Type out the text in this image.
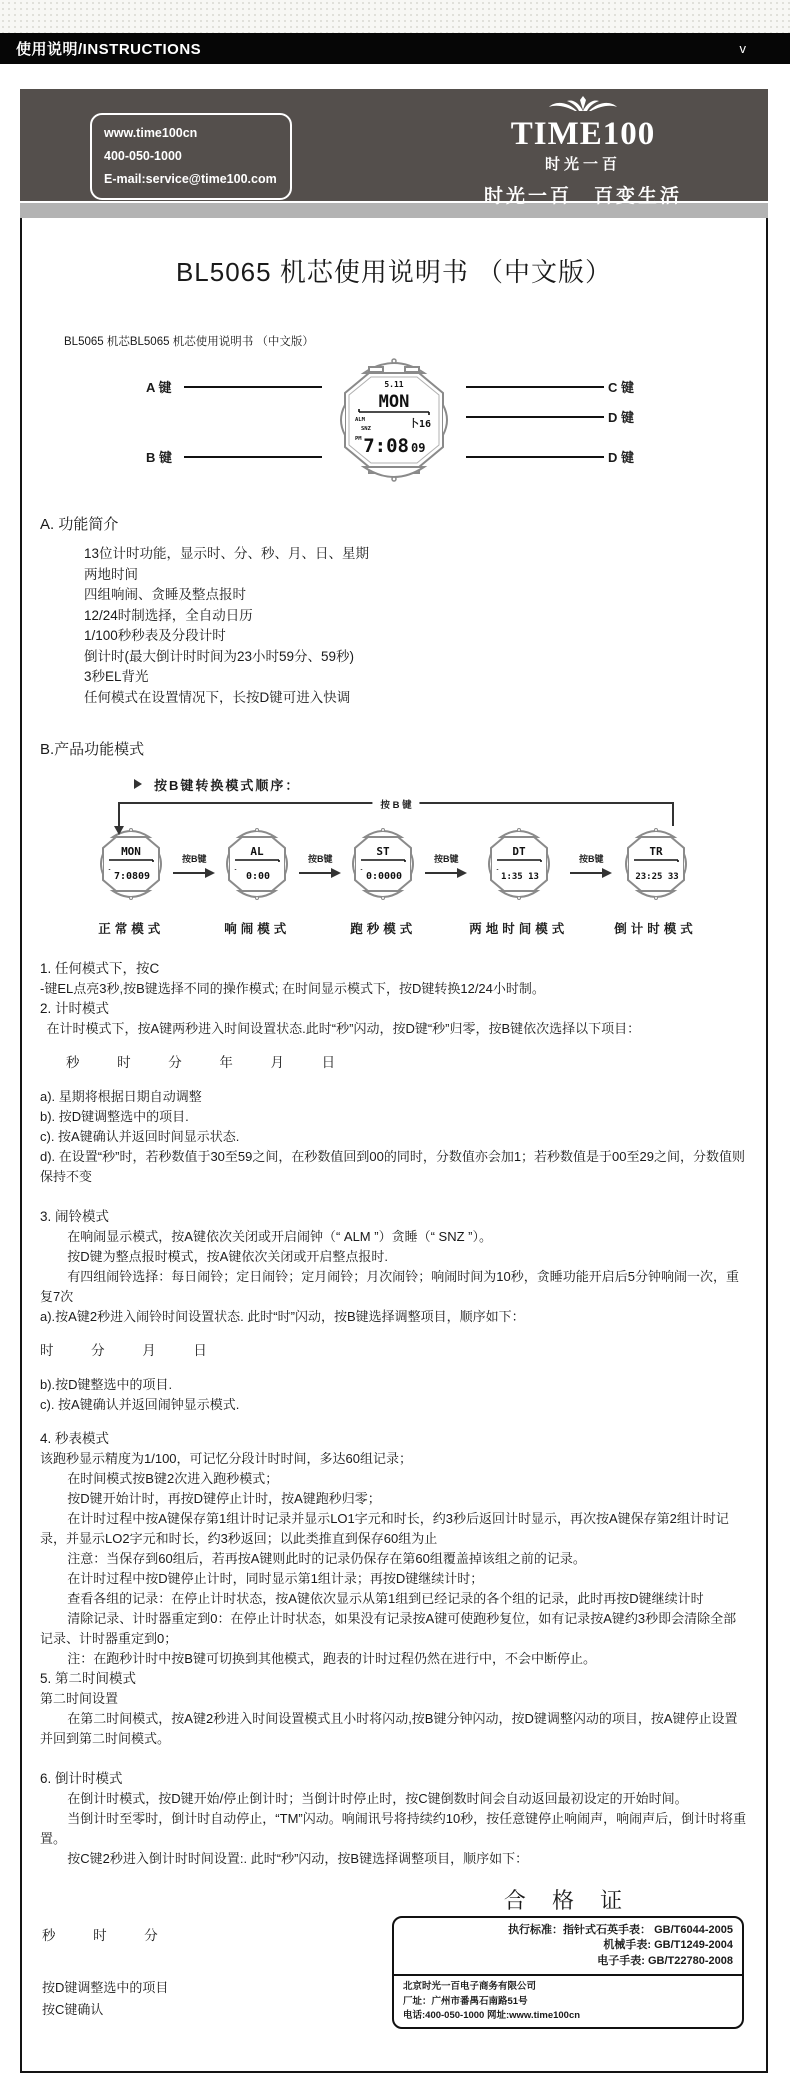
使用说明/INSTRUCTIONS	v
www.time100cn
400-050-1000
E-mail:service@time100.com
TIME100
时光一百
时光一百　百变生活
BL5065 机芯使用说明书 （中文版）
BL5065 机芯BL5065 机芯使用说明书 （中文版）
A 键
B 键
C 键
D 键
D 键
5.11
MON
ALM
SNZ
PM
卜16
7:08 09
A. 功能简介
13位计时功能，显示时、分、秒、月、日、星期
两地时间
四组响闹、贪睡及整点报时
12/24时制选择，全自动日历
1/100秒秒表及分段计时
倒计时(最大倒计时时间为23小时59分、59秒)
3秒EL背光
任何模式在设置情况下，长按D键可进入快调
B.产品功能模式
按B键转换模式顺序：
按 B 键
MON
-
7:0809
正常模式
按B键
AL
-
0:00
响闹模式
按B键
ST
-
0:0000
跑秒模式
按B键
DT
-
1:35 13
两地时间模式
按B键
TR
23:25 33
倒计时模式

1. 任何模式下，按C

-键EL点亮3秒,按B键选择不同的操作模式; 在时间显示模式下，按D键转换12/24小时制。

2. 计时模式

在计时模式下，按A键两秒进入时间设置状态.此时“秒”闪动，按D键“秒”归零，按B键依次选择以下项目：

秒	时	分	年	月	日

a). 星期将根据日期自动调整

b). 按D键调整选中的项目.

c). 按A键确认并返回时间显示状态.

d). 在设置“秒”时，若秒数值于30至59之间，在秒数值回到00的同时，分数值亦会加1；若秒数值是于00至29之间，分数值则保持不变

3. 闹铃模式

在响闹显示模式，按A键依次关闭或开启闹钟（“ ALM ”）贪睡（“ SNZ ”）。

按D键为整点报时模式，按A键依次关闭或开启整点报时.

有四组闹铃选择：每日闹铃；定日闹铃；定月闹铃；月次闹铃；响闹时间为10秒，贪睡功能开启后5分钟响闹一次，重复7次

a).按A键2秒进入闹铃时间设置状态. 此时“时”闪动，按B键选择调整项目，顺序如下：

时	分	月	日

b).按D键整选中的项目.

c). 按A键确认并返回闹钟显示模式.

4. 秒表模式

该跑秒显示精度为1/100，可记忆分段计时时间，多达60组记录；

在时间模式按B键2次进入跑秒模式；

按D键开始计时，再按D键停止计时，按A键跑秒归零；

在计时过程中按A键保存第1组计时记录并显示LO1字元和时长，约3秒后返回计时显示，再次按A键保存第2组计时记录，并显示LO2字元和时长，约3秒返回；以此类推直到保存60组为止

注意：当保存到60组后，若再按A键则此时的记录仍保存在第60组覆盖掉该组之前的记录。

在计时过程中按D键停止计时，同时显示第1组计录；再按D键继续计时；

查看各组的记录：在停止计时状态，按A键依次显示从第1组到已经记录的各个组的记录，此时再按D键继续计时

清除记录、计时器重定到0：在停止计时状态，如果没有记录按A键可使跑秒复位，如有记录按A键约3秒即会清除全部记录、计时器重定到0；

注：在跑秒计时中按B键可切换到其他模式，跑表的计时过程仍然在进行中，不会中断停止。

5. 第二时间模式

第二时间设置

在第二时间模式，按A键2秒进入时间设置模式且小时将闪动,按B键分钟闪动，按D键调整闪动的项目，按A键停止设置并回到第二时间模式。

6. 倒计时模式

在倒计时模式，按D键开始/停止倒计时；当倒计时停止时，按C键倒数时间会自动返回最初设定的开始时间。

当倒计时至零时，倒计时自动停止，“TM”闪动。响闹讯号将持续约10秒，按任意键停止响闹声，响闹声后，倒计时将重置。

按C键2秒进入倒计时时间设置:. 此时“秒”闪动，按B键选择调整项目，顺序如下：

秒	时	分

按D键调整选中的项目

按C键确认

合 格 证
执行标准：指针式石英手表： GB/T6044-2005
机械手表: GB/T1249-2004
电子手表: GB/T22780-2008
北京时光一百电子商务有限公司
厂址：广州市番禺石南路51号
电话:400-050-1000 网址:www.time100cn
